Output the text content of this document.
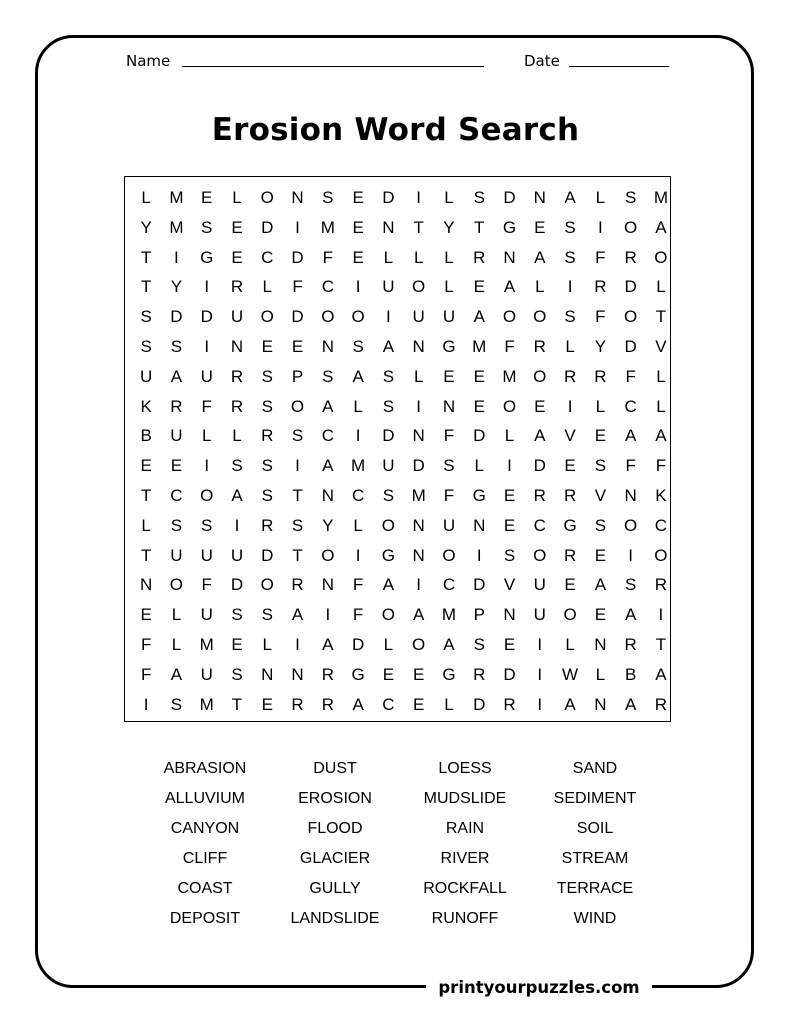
Name	Date
Erosion Word Search
L	M	E	L	O	N	S	E	D	I	L	S	D	N	A	L	S	M
Y	M	S	E	D	I	M	E	N	T	Y	T	G	E	S	I	O	A
T	I	G	E	C	D	F	E	L	L	L	R	N	A	S	F	R	O
T	Y	I	R	L	F	C	I	U	O	L	E	A	L	I	R	D	L
S	D	D	U	O	D	O	O	I	U	U	A	O	O	S	F	O	T
S	S	I	N	E	E	N	S	A	N	G M	F	R	L	Y	D	V
U	A	U	R	S	P	S	A	S	L	E	E	M O	R	R	F	L
K	R	F	R	S	O	A	L	S	I	N	E	O	E	I	L	C	L
B	U	L	L	R	S	C	I	D	N	F	D	L	A	V	E	A	A
E	E	I	S	S	I	A	M	U	D	S	L	I	D	E	S	F	F
T	C	O	A	S	T	N	C	S	M	F	G	E	R	R	V	N	K
L	S	S	I	R	S	Y	L	O	N	U	N	E	C	G	S	O	C
T	U	U	U	D	T	O	I	G	N	O	I	S	O	R	E	I	O
N	O	F	D	O	R	N	F	A	I	C	D	V	U	E	A	S	R
E	L	U	S	S	A	I	F	O	A	M	P	N	U	O	E	A	I
F	L	M	E	L	I	A	D	L	O	A	S	E	I	L	N	R	T
F	A	U	S	N	N	R	G	E	E	G	R	D	I	W	L	B	A
I	S	M	T	E	R	R	A	C	E	L	D	R	I	A	N	A	R
ABRASION	DUST	LOESS	SAND
ALLUVIUM	EROSION	MUDSLIDE	SEDIMENT
CANYON	FLOOD	RAIN	SOIL
CLIFF	GLACIER	RIVER	STREAM
COAST	GULLY	ROCKFALL	TERRACE
DEPOSIT	LANDSLIDE	RUNOFF	WIND
printyourpuzzles.com
